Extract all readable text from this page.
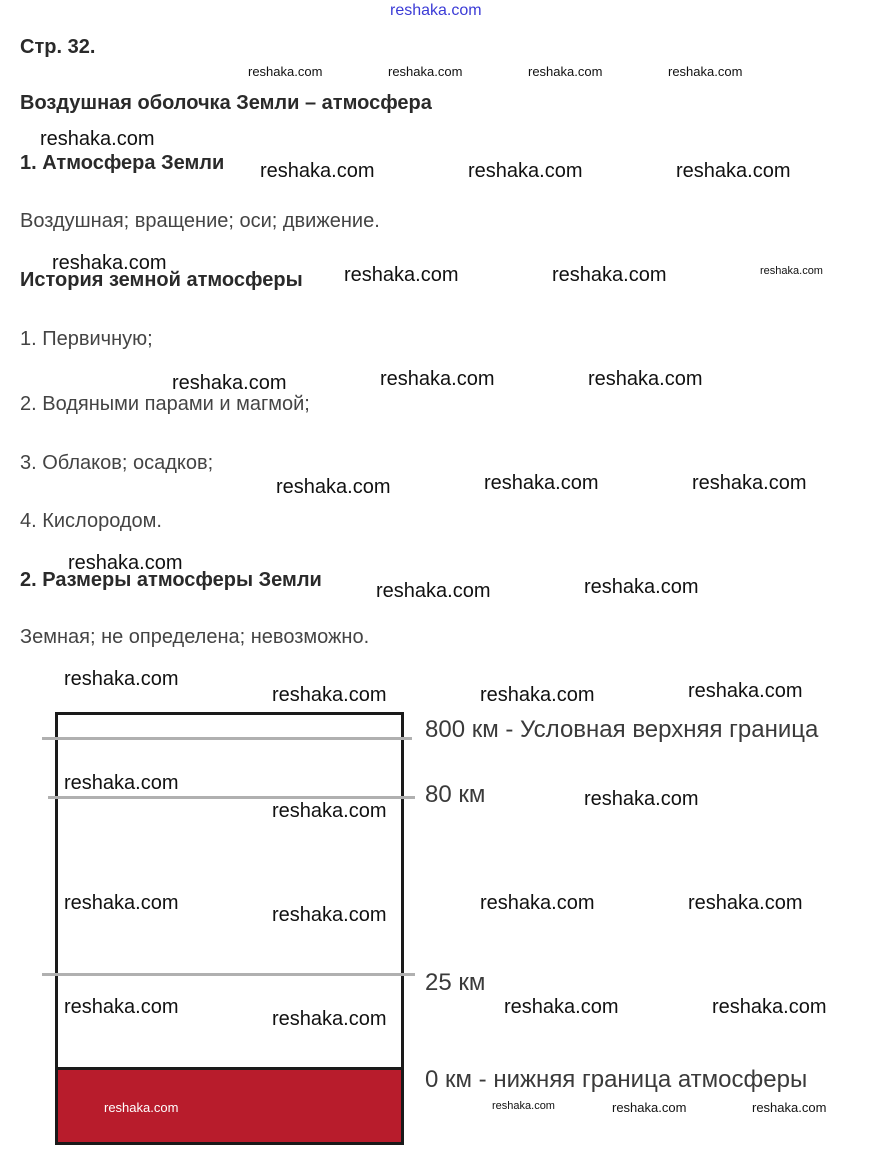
reshaka.com
Стр. 32.
Воздушная оболочка Земли – атмосфера
1. Атмосфера Земли
Воздушная; вращение; оси; движение.
История земной атмосферы
1. Первичную;
2. Водяными парами и магмой;
3. Облаков; осадков;
4. Кислородом.
2. Размеры атмосферы Земли
Земная; не определена; невозможно.
800 км - Условная верхняя граница
80 км
25 км
0 км - нижняя граница атмосферы
reshaka.com	reshaka.com	reshaka.com	reshaka.com
reshaka.com
reshaka.com	reshaka.com	reshaka.com	reshaka.com
reshaka.com
reshaka.com	reshaka.com	reshaka.com
reshaka.com
reshaka.com	reshaka.com
reshaka.com	reshaka.com	reshaka.com
reshaka.com	reshaka.com	reshaka.com
reshaka.com
reshaka.com	reshaka.com
reshaka.com
reshaka.com	reshaka.com	reshaka.com
reshaka.com
reshaka.com
reshaka.com
reshaka.com
reshaka.com
reshaka.com	reshaka.com
reshaka.com
reshaka.com
reshaka.com	reshaka.com
